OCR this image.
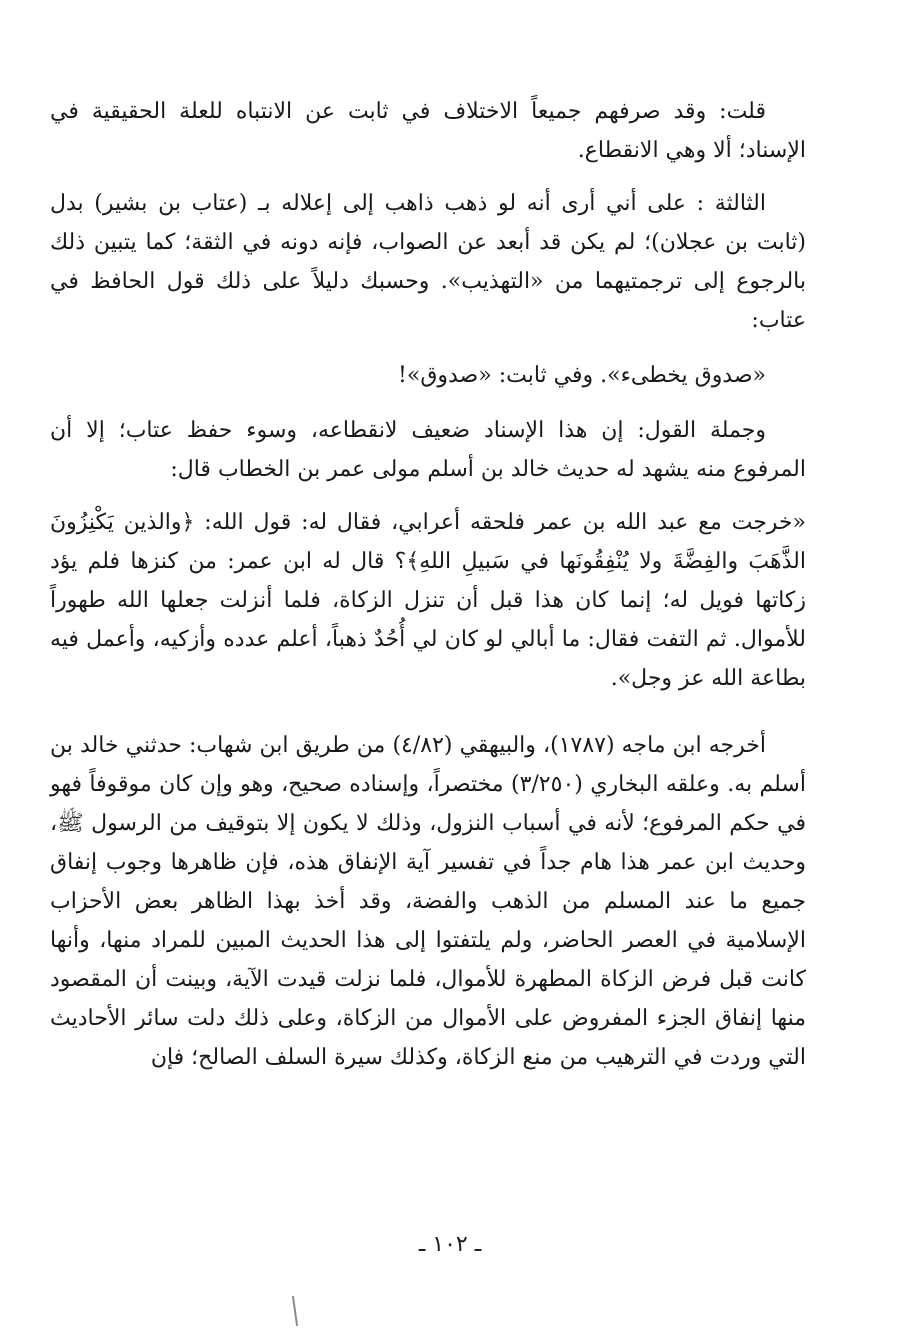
قلت: وقد صرفهم جميعاً الاختلاف في ثابت عن الانتباه للعلة الحقيقية في الإسناد؛ ألا وهي الانقطاع.

الثالثة : على أني أرى أنه لو ذهب ذاهب إلى إعلاله بـ (عتاب بن بشير) بدل (ثابت بن عجلان)؛ لم يكن قد أبعد عن الصواب، فإنه دونه في الثقة؛ كما يتبين ذلك بالرجوع إلى ترجمتيهما من «التهذيب». وحسبك دليلاً على ذلك قول الحافظ في عتاب:

«صدوق يخطىء». وفي ثابت: «صدوق»!

وجملة القول: إن هذا الإسناد ضعيف لانقطاعه، وسوء حفظ عتاب؛ إلا أن المرفوع منه يشهد له حديث خالد بن أسلم مولى عمر بن الخطاب قال:

«خرجت مع عبد الله بن عمر فلحقه أعرابي، فقال له: قول الله: ﴿والذين يَكْنِزُونَ الذَّهَبَ والفِضَّةَ ولا يُنْفِقُونَها في سَبيلِ اللهِ﴾؟ قال له ابن عمر: من كنزها فلم يؤد زكاتها فويل له؛ إنما كان هذا قبل أن تنزل الزكاة، فلما أنزلت جعلها الله طهوراً للأموال. ثم التفت فقال: ما أبالي لو كان لي أُحُدٌ ذهباً، أعلم عدده وأزكيه، وأعمل فيه بطاعة الله عز وجل».

أخرجه ابن ماجه (١٧٨٧)، والبيهقي (٤/٨٢) من طريق ابن شهاب: حدثني خالد بن أسلم به. وعلقه البخاري (٣/٢٥٠) مختصراً، وإسناده صحيح، وهو وإن كان موقوفاً فهو في حكم المرفوع؛ لأنه في أسباب النزول، وذلك لا يكون إلا بتوقيف من الرسول ﷺ، وحديث ابن عمر هذا هام جداً في تفسير آية الإنفاق هذه، فإن ظاهرها وجوب إنفاق جميع ما عند المسلم من الذهب والفضة، وقد أخذ بهذا الظاهر بعض الأحزاب الإسلامية في العصر الحاضر، ولم يلتفتوا إلى هذا الحديث المبين للمراد منها، وأنها كانت قبل فرض الزكاة المطهرة للأموال، فلما نزلت قيدت الآية، وبينت أن المقصود منها إنفاق الجزء المفروض على الأموال من الزكاة، وعلى ذلك دلت سائر الأحاديث التي وردت في الترهيب من منع الزكاة، وكذلك سيرة السلف الصالح؛ فإن

ـ ١٠٢ ـ
